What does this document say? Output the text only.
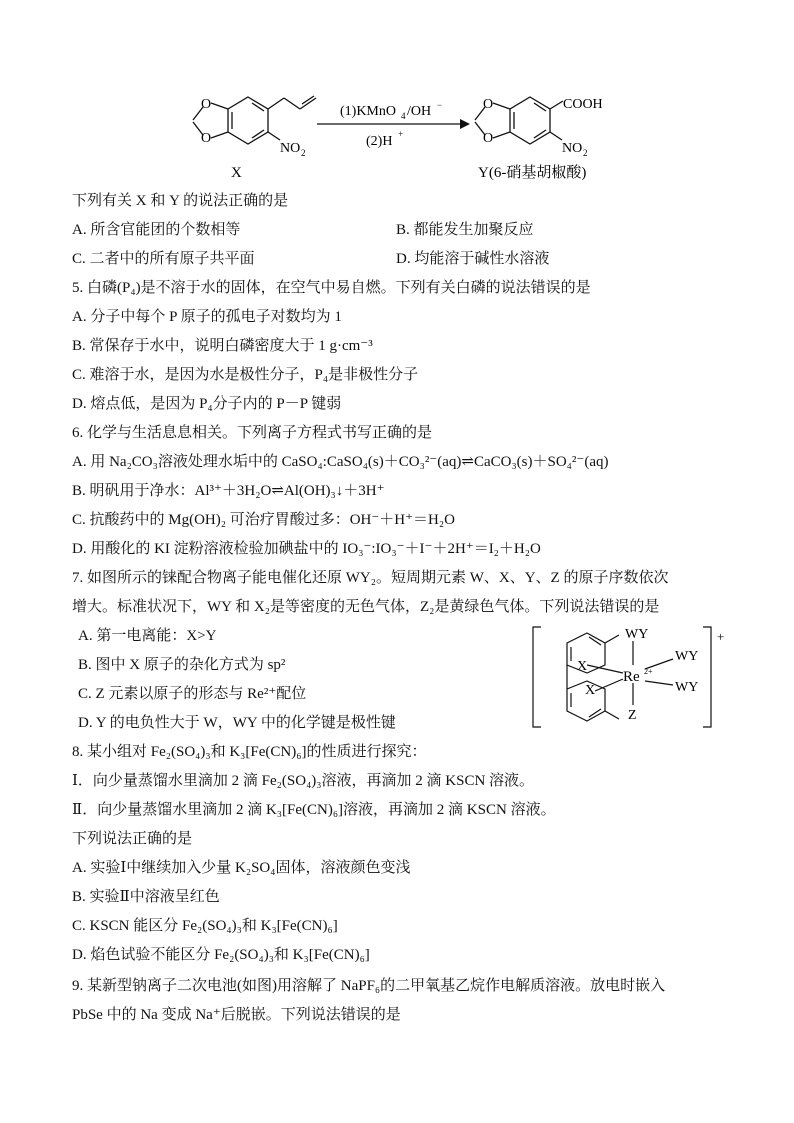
O
O
NO 2
(1)KMnO 4 /OH −
(2)H +
O
O
COOH
NO 2
X	Y(6-硝基胡椒酸)
下列有关 X 和 Y 的说法正确的是
A. 所含官能团的个数相等	B. 都能发生加聚反应
C. 二者中的所有原子共平面	D. 均能溶于碱性水溶液
5. 白磷(P₄)是不溶于水的固体，在空气中易自燃。下列有关白磷的说法错误的是
A. 分子中每个 P 原子的孤电子对数均为 1
B. 常保存于水中，说明白磷密度大于 1 g·cm⁻³
C. 难溶于水，是因为水是极性分子，P₄是非极性分子
D. 熔点低，是因为 P₄分子内的 P－P 键弱
6. 化学与生活息息相关。下列离子方程式书写正确的是
A. 用 Na₂CO₃溶液处理水垢中的 CaSO₄:CaSO₄(s)＋CO₃²⁻(aq)⇌CaCO₃(s)＋SO₄²⁻(aq)
B. 明矾用于净水：Al³⁺＋3H₂O⇌Al(OH)₃↓＋3H⁺
C. 抗酸药中的 Mg(OH)₂ 可治疗胃酸过多：OH⁻＋H⁺＝H₂O
D. 用酸化的 KI 淀粉溶液检验加碘盐中的 IO₃⁻:IO₃⁻＋I⁻＋2H⁺＝I₂＋H₂O
7. 如图所示的铼配合物离子能电催化还原 WY₂。短周期元素 W、X、Y、Z 的原子序数依次
增大。标准状况下，WY 和 X₂是等密度的无色气体，Z₂是黄绿色气体。下列说法错误的是
A. 第一电离能：X>Y
B. 图中 X 原子的杂化方式为 sp²
C. Z 元素以原子的形态与 Re²⁺配位
D. Y 的电负性大于 W，WY 中的化学键是极性键
X
X
Re 2+
WY
WY
WY
Z
+
8. 某小组对 Fe₂(SO₄)₃和 K₃[Fe(CN)₆]的性质进行探究：
Ⅰ．向少量蒸馏水里滴加 2 滴 Fe₂(SO₄)₃溶液，再滴加 2 滴 KSCN 溶液。
Ⅱ．向少量蒸馏水里滴加 2 滴 K₃[Fe(CN)₆]溶液，再滴加 2 滴 KSCN 溶液。
下列说法正确的是
A. 实验Ⅰ中继续加入少量 K₂SO₄固体，溶液颜色变浅
B. 实验Ⅱ中溶液呈红色
C. KSCN 能区分 Fe₂(SO₄)₃和 K₃[Fe(CN)₆]
D. 焰色试验不能区分 Fe₂(SO₄)₃和 K₃[Fe(CN)₆]
9. 某新型钠离子二次电池(如图)用溶解了 NaPF₆的二甲氧基乙烷作电解质溶液。放电时嵌入
PbSe 中的 Na 变成 Na⁺后脱嵌。下列说法错误的是
